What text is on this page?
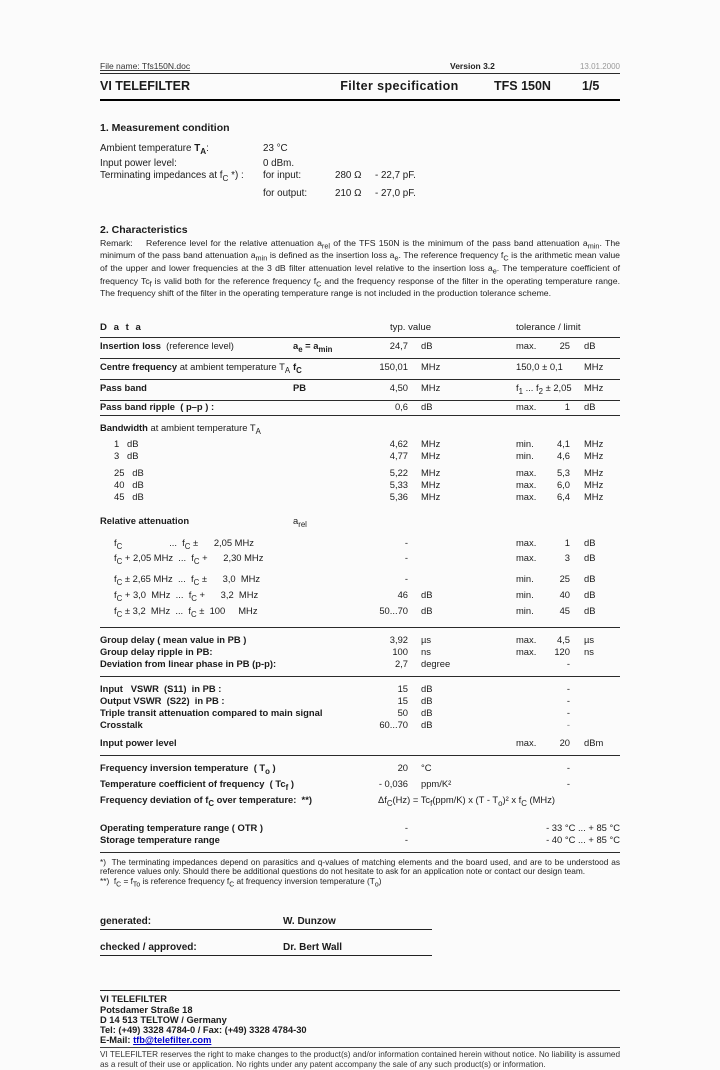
File name: Tfs150N.doc	Version 3.2	13.01.2000
VI TELEFILTER	Filter specification	TFS 150N	1/5
1. Measurement condition
Ambient temperature $T_A$:	23 °C
Input power level:	0 dBm.
Terminating impedances at $f_C$ *) :	for input:	280 Ω	- 22,7 pF.
for output:	210 Ω	- 27,0 pF.
2. Characteristics
Remark:    Reference level for the relative attenuation $a_{rel}$ of the TFS 150N is the minimum of the pass band attenuation $a_{min}$. The minimum of the pass band attenuation $a_{min}$ is defined as the insertion loss $a_e$. The reference frequency $f_C$ is the arithmetic mean value of the upper and lower frequencies at the 3 dB filter attenuation level relative to the insertion loss $a_e$. The temperature coefficient of frequency $Tc_f$ is valid both for the reference frequency $f_C$ and the frequency response of the filter in the operating temperature range. The frequency shift of the filter in the operating temperature range is not included in the production tolerance scheme.
D a t a	typ. value	tolerance / limit
Insertion loss  (reference level)	$a_e = a_{min}$	24,7	dB	max.	25	dB
Centre frequency at ambient temperature $T_A$ $f_C$	150,01	MHz	150,0 ± 0,1	MHz
Pass band	PB	4,50	MHz	$f_1$ ... $f_2 \pm 2,05$	MHz
Pass band ripple  ( p–p ) :	0,6	dB	max.	1	dB
Bandwidth at ambient temperature $T_A$
1   dB	4,62	MHz	min.	4,1	MHz
3   dB	4,77	MHz	min.	4,6	MHz
25   dB	5,22	MHz	max.	5,3	MHz
40   dB	5,33	MHz	max.	6,0	MHz
45   dB	5,36	MHz	max.	6,4	MHz
Relative attenuation	$a_{rel}$
$f_C$                  ...  $f_C$ ±      2,05 MHz	-	max.	1	dB
$f_C + 2,05$ MHz  ...  $f_C$ +      2,30 MHz	-	max.	3	dB
$f_C \pm 2,65$ MHz  ...  $f_C$ ±      3,0  MHz	-	min.	25	dB
$f_C + 3,0$  MHz  ...  $f_C$ +      3,2  MHz	46	dB	min.	40	dB
$f_C \pm 3,2$  MHz  ...  $f_C \pm 100$     MHz	50...70	dB	min.	45	dB
Group delay ( mean value in PB )	3,92	µs	max.	4,5	µs
Group delay ripple in PB:	100	ns	max.	120	ns
Deviation from linear phase in PB (p-p):	2,7	degree	-
Input   VSWR  (S11)  in PB :	15	dB	-
Output VSWR  (S22)  in PB :	15	dB	-
Triple transit attenuation compared to main signal	50	dB	-
Crosstalk	60...70	dB	-
Input power level	max.	20	dBm
Frequency inversion temperature  ( $T_o$ )	20	°C	-
Temperature coefficient of frequency  ( $Tc_f$ )	- 0,036	ppm/K²	-
Frequency deviation of $f_C$ over temperature:  **)	$\Delta f_C(Hz) = Tc_f(ppm/K)$ x $(T - T_o)^2$ x $f_C$ (MHz)
Operating temperature range ( OTR )	-	- 33 °C ... + 85 °C
Storage temperature range	-	- 40 °C ... + 85 °C

*)  The terminating impedances depend on parasitics and q-values of matching elements and the board used, and are to be understood as reference values only. Should there be additional questions do not hesitate to ask for an application note or contact our design team.

**)  $f_C = f_{To}$ is reference frequency $f_C$ at frequency inversion temperature $(T_o)$

generated:	W. Dunzow
checked / approved:	Dr. Bert Wall
VI TELEFILTER
Potsdamer Straße 18
D 14 513 TELTOW / Germany
Tel: (+49) 3328 4784-0 / Fax: (+49) 3328 4784-30
E-Mail: tfb@telefilter.com
VI TELEFILTER reserves the right to make changes to the product(s) and/or information contained herein without notice. No liability is assumed as a result of their use or application. No rights under any patent accompany the sale of any such product(s) or information.
